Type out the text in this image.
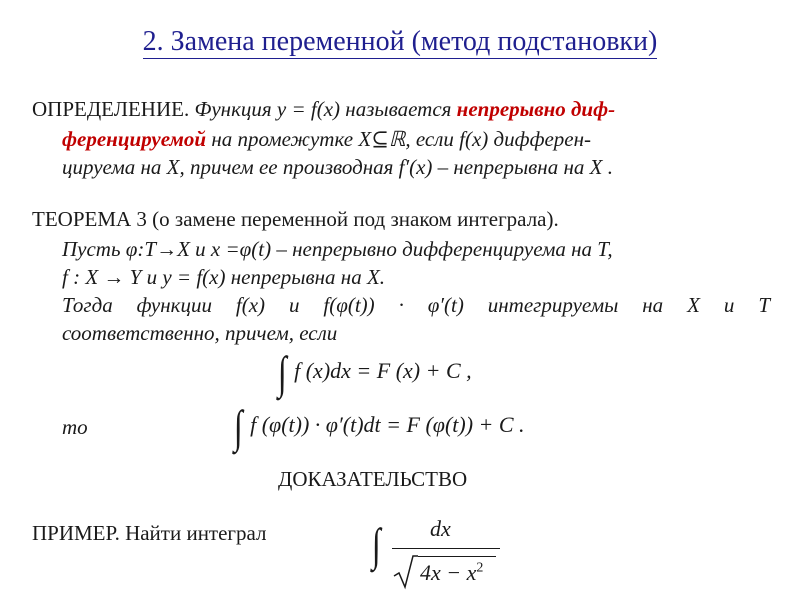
2. Замена переменной (метод подстановки)
ОПРЕДЕЛЕНИЕ. Функция y = f(x) называется непрерывно диф-
ференцируемой на промежутке X⊆ℝ, если f(x) дифферен-
цируема на X, причем ее производная f′(x) – непрерывна на X .
ТЕОРЕМА 3 (о замене переменной под знаком интеграла).
Пусть φ:T→X и x =φ(t) – непрерывно дифференцируема на T,
f : X → Y и y = f(x) непрерывна на X.
Тогда функции f(x) и f(φ(t)) · φ′(t) интегрируемы на X и T
соответственно, причем, если
∫ f (x)dx = F (x) + C ,
то	∫ f (φ(t)) · φ′(t)dt = F (φ(t)) + C .
ДОКАЗАТЕЛЬСТВО
ПРИМЕР. Найти интеграл ∫ dx
$4x - x^2$
